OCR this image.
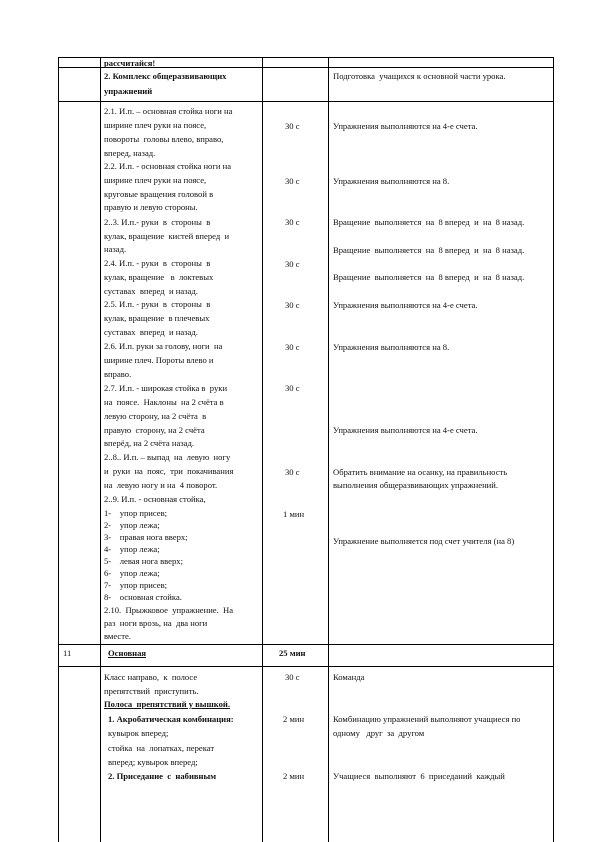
рассчитайся!
2. Комплекс общеразвивающих
упражнений
Подготовка  учащихся к основной части урока.
2.1. И.п. – основная стойка ноги на
ширине плеч руки на поясе,
повороты  головы влево, вправо,
вперед, назад.
2.2. И.п. - основная стойка ноги на
ширине плеч руки на поясе,
круговые вращения головой в
правую и левую стороны.
2..3. И.п.- руки  в  стороны  в
кулак, вращение  кистей вперед  и
назад.
2.4. И.п. - руки  в  стороны  в
кулак, вращение   в  локтевых
суставах  вперед  и назад.
2.5. И.п. - руки  в  стороны  в
кулак, вращение  в плечевых
суставах  вперед  и назад.
2.6. И.п. руки за голову, ноги  на
ширине плеч. Пороты влево и
вправо.
2.7. И.п. - широкая стойка в  руки
на  поясе.  Наклоны  на 2 счёта в
левую сторону, на 2 счёта  в
правую  сторону, на 2 счёта
вперёд, на 2 счёта назад.
2..8.. И.п. – выпад  на  левую  ногу
и  руки  на  пояс,  три  покачивания
на  левую ногу и на  4 поворот.
2..9. И.п. - основная стойка,
1-    упор присев;
2-    упор лежа;
3-    правая нога вверх;
4-    упор лежа;
5-    левая нога вверх;
6-    упор лежа;
7-    упор присев;
8-    основная стойка.
2.10.  Прыжковое  упражнение.  На
раз  ноги врозь, на  два ноги
вместе.
30 с
30 с
30 с
30 с
30 с
30 с
30 с
30 с
1 мин
Упражнения выполняются на 4-е счета.
Упражнения выполняются на 8.
Вращение  выполняется  на  8 вперед  и  на  8 назад.
Вращение  выполняется  на  8 вперед  и  на  8 назад.
Вращение  выполняется  на  8 вперед  и  на  8 назад.
Упражнения выполняются на 4-е счета.
Упражнения выполняются на 8.
Упражнения выполняются на 4-е счета.
Обратить внимание на осанку, на правильность
выполнения общеразвивающих упражнений.
Упражнение выполняется под счет учителя (на 8)
11	Основная	25 мин
Класс направо,  к  полосе
препятствий  приступить.
Полоса  препятствий у вышкой.
1. Акробатическая комбинация:
кувырок вперед;
стойка  на  лопатках, перекат
вперед; кувырок вперед;
2. Приседание  с  набивным
30 с
2 мин
2 мин
Команда
Комбинацию упражнений выполняют учащиеся по
одному   друг  за  другом
Учащиеся  выполняют  6  приседаний  каждый
